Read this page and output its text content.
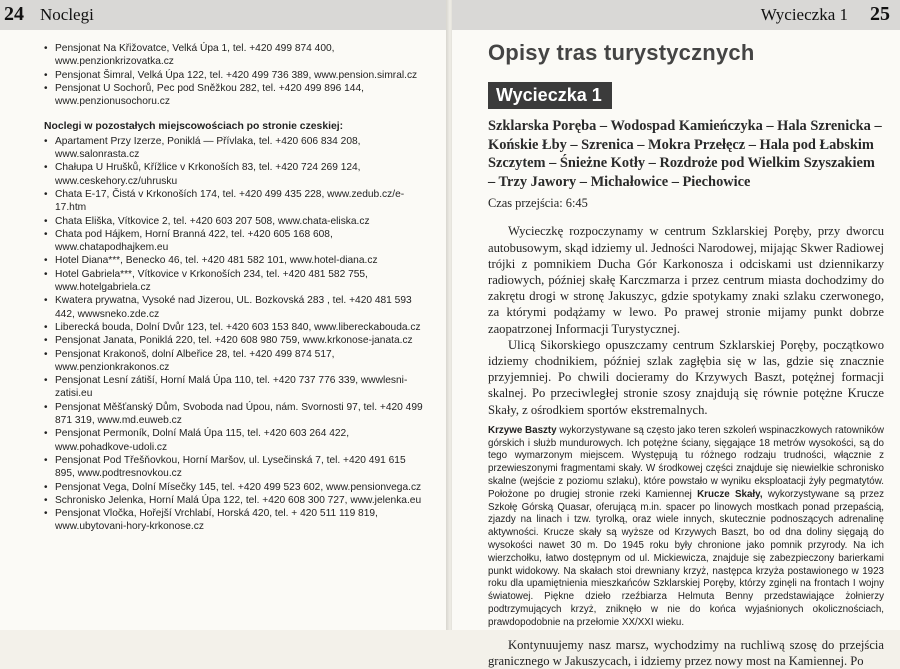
24 Noclegi
• Pensjonat Na Křižovatce, Velká Úpa 1, tel. +420 499 874 400, www.penzionkrizovatka.cz
• Pensjonat Šimral, Velká Úpa 122, tel. +420 499 736 389, www.pension.simral.cz
• Pensjonat U Sochorů, Pec pod Sněžkou 282, tel. +420 499 896 144, www.penzionusochoru.cz
Noclegi w pozostałych miejscowościach po stronie czeskiej:
• Apartament Przy Izerze, Poniklá — Přívlaka, tel. +420 606 834 208, www.salonrasta.cz
• Chałupa U Hrušků, Křížlice v Krkonoších 83, tel. +420 724 269 124, www.ceskehory.cz/uhrusku
• Chata E-17, Čistá v Krkonoších 174, tel. +420 499 435 228, www.zedub.cz/e-17.htm
• Chata Eliška, Vítkovice 2, tel. +420 603 207 508, www.chata-eliska.cz
• Chata pod Hájkem, Horní Branná 422, tel. +420 605 168 608, www.chatapodhajkem.eu
• Hotel Diana***, Benecko 46, tel. +420 481 582 101, www.hotel-diana.cz
• Hotel Gabriela***, Vítkovice v Krkonoších 234, tel. +420 481 582 755, www.hotelgabriela.cz
• Kwatera prywatna, Vysoké nad Jizerou, UL. Bozkovská 283 , tel. +420 481 593 442, wwwsneko.zde.cz
• Liberecká bouda, Dolní Dvůr 123, tel. +420 603 153 840, www.libereckabouda.cz
• Pensjonat Janata, Poniklá 220, tel. +420 608 980 759, www.krkonose-janata.cz
• Pensjonat Krakonoš, dolní Albeřice 28, tel. +420 499 874 517, www.penzionkrakonos.cz
• Pensjonat Lesní zátiší, Horní Malá Úpa 110, tel. +420 737 776 339, wwwlesni-zatisi.eu
• Pensjonat Měšťanský Dům, Svoboda nad Úpou, nám. Svornosti 97, tel. +420 499 871 319, www.md.euweb.cz
• Pensjonat Permoník, Dolní Malá Úpa 115, tel. +420 603 264 422, www.pohadkove-udoli.cz
• Pensjonat Pod Třešňovkou, Horní Maršov, ul. Lysečinská 7, tel. +420 491 615 895, www.podtresnovkou.cz
• Pensjonat Vega, Dolní Mísečky 145, tel. +420 499 523 602, www.pensionvega.cz
• Schronisko Jelenka, Horní Malá Úpa 122, tel. +420 608 300 727, www.jelenka.eu
• Pensjonat Vločka, Hořejší Vrchlabí, Horská 420, tel. + 420 511 119 819, www.ubytovani-hory-krkonose.cz
Wycieczka 1 25
Opisy tras turystycznych
Wycieczka 1
Szklarska Poręba – Wodospad Kamieńczyka – Hala Szrenicka – Końskie Łby – Szrenica – Mokra Przełęcz – Hala pod Łabskim Szczytem – Śnieżne Kotły – Rozdroże pod Wielkim Szyszakiem – Trzy Jawory – Michałowice – Piechowice
Czas przejścia: 6:45

Wycieczkę rozpoczynamy w centrum Szklarskiej Poręby, przy dworcu autobusowym, skąd idziemy ul. Jedności Narodowej, mijając Skwer Radiowej trójki z pomnikiem Ducha Gór Karkonosza i odciskami ust dziennikarzy radiowych, później skałę Karczmarza i przez centrum miasta dochodzimy do zakrętu drogi w stronę Jakuszyc, gdzie spotykamy znaki szlaku czerwonego, za którymi podążamy w lewo. Po prawej stronie mijamy punkt dobrze zaopatrzonej Informacji Turystycznej.

Ulicą Sikorskiego opuszczamy centrum Szklarskiej Poręby, początkowo idziemy chodnikiem, później szlak zagłębia się w las, gdzie się znacznie przyjemniej. Po chwili docieramy do Krzywych Baszt, potężnej formacji skalnej. Po przeciwległej stronie szosy znajdują się równie potężne Krucze Skały, z ośrodkiem sportów ekstremalnych.

Krzywe Baszty wykorzystywane są często jako teren szkoleń wspinaczkowych ratowników górskich i służb mundurowych. Ich potężne ściany, sięgające 18 metrów wysokości, są do tego wymarzonym miejscem. Występują tu różnego rodzaju trudności, włącznie z przewieszonymi fragmentami skały. W środkowej części znajduje się niewielkie schronisko skalne (wejście z poziomu szlaku), które powstało w wyniku eksploatacji żyły pegmatytów. Położone po drugiej stronie rzeki Kamiennej Krucze Skały, wykorzystywane są przez Szkołę Górską Quasar, oferującą m.in. spacer po linowych mostkach ponad przepaścią, zjazdy na linach i tzw. tyrolką, oraz wiele innych, skutecznie podnoszących adrenalinę aktywności. Krucze skały są wyższe od Krzywych Baszt, bo od dna doliny sięgają do wysokości nawet 30 m. Do 1945 roku były chronione jako pomnik przyrody. Na ich wierzchołku, łatwo dostępnym od ul. Mickiewicza, znajduje się zabezpieczony barierkami punkt widokowy. Na skałach stoi drewniany krzyż, następca krzyża postawionego w 1923 roku dla upamiętnienia mieszkańców Szklarskiej Poręby, którzy zginęli na frontach I wojny światowej. Piękne dzieło rzeźbiarza Helmuta Benny przedstawiające żołnierzy podtrzymujących krzyż, zniknęło w nie do końca wyjaśnionych okolicznościach, prawdopodobnie na przełomie XX/XXI wieku.

Kontynuujemy nasz marsz, wychodzimy na ruchliwą szosę do przejścia granicznego w Jakuszycach, i idziemy przez nowy most na Kamiennej. Po
